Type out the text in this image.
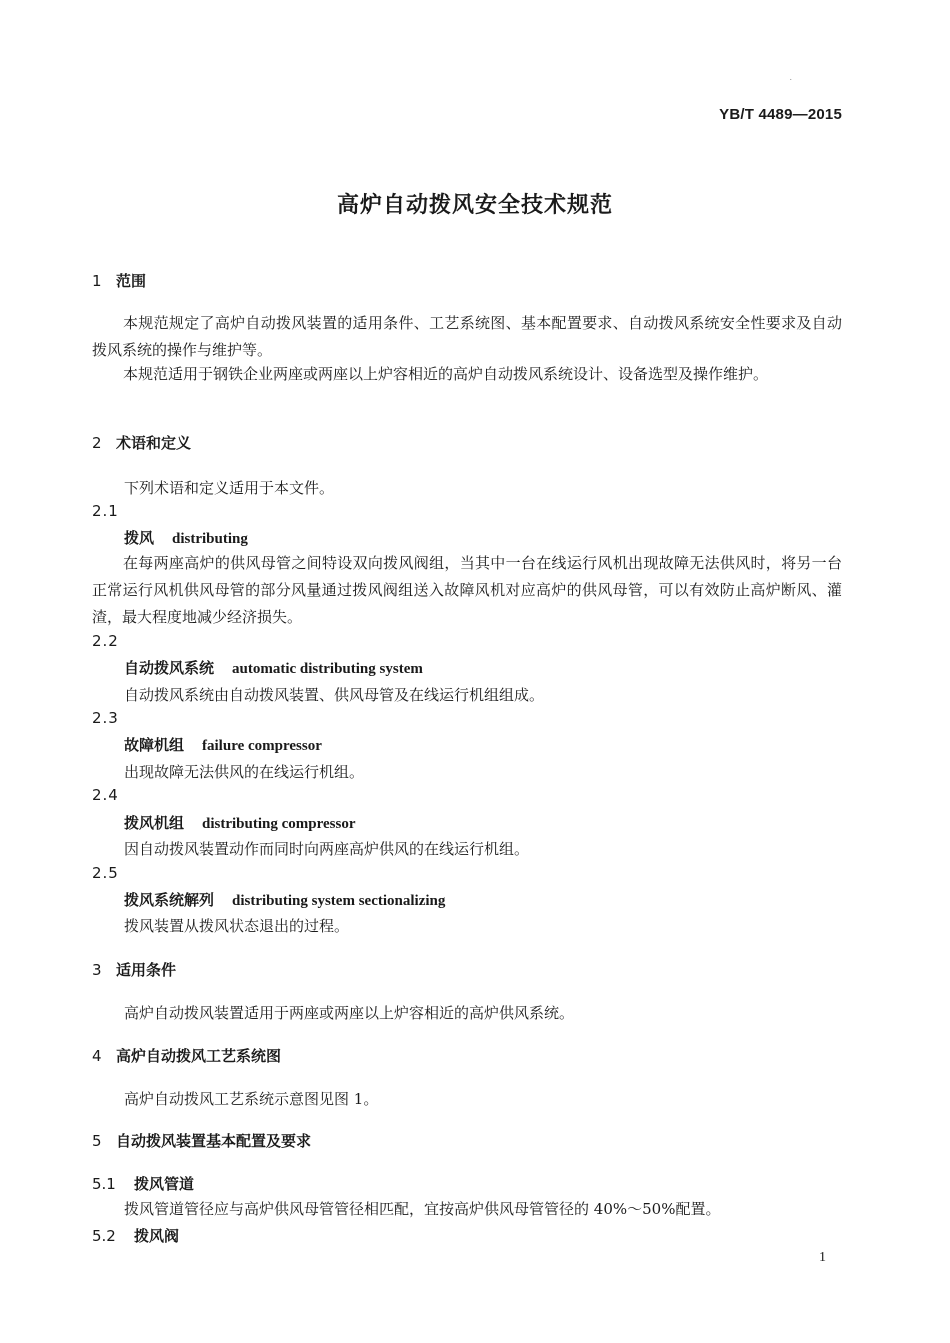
.
YB/T 4489—2015
高炉自动拨风安全技术规范
1 范围
本规范规定了高炉自动拨风装置的适用条件、工艺系统图、基本配置要求、自动拨风系统安全性要求及自动拨风系统的操作与维护等。
本规范适用于钢铁企业两座或两座以上炉容相近的高炉自动拨风系统设计、设备选型及操作维护。
2 术语和定义
下列术语和定义适用于本文件。
2.1
拨风 distributing
在每两座高炉的供风母管之间特设双向拨风阀组，当其中一台在线运行风机出现故障无法供风时，将另一台正常运行风机供风母管的部分风量通过拨风阀组送入故障风机对应高炉的供风母管，可以有效防止高炉断风、灌渣，最大程度地减少经济损失。
2.2
自动拨风系统 automatic distributing system
自动拨风系统由自动拨风装置、供风母管及在线运行机组组成。
2.3
故障机组 failure compressor
出现故障无法供风的在线运行机组。
2.4
拨风机组 distributing compressor
因自动拨风装置动作而同时向两座高炉供风的在线运行机组。
2.5
拨风系统解列 distributing system sectionalizing
拨风装置从拨风状态退出的过程。
3 适用条件
高炉自动拨风装置适用于两座或两座以上炉容相近的高炉供风系统。
4 高炉自动拨风工艺系统图
高炉自动拨风工艺系统示意图见图 1。
5 自动拨风装置基本配置及要求
5.1 拨风管道
拨风管道管径应与高炉供风母管管径相匹配，宜按高炉供风母管管径的 40%～50%配置。
5.2 拨风阀
1
